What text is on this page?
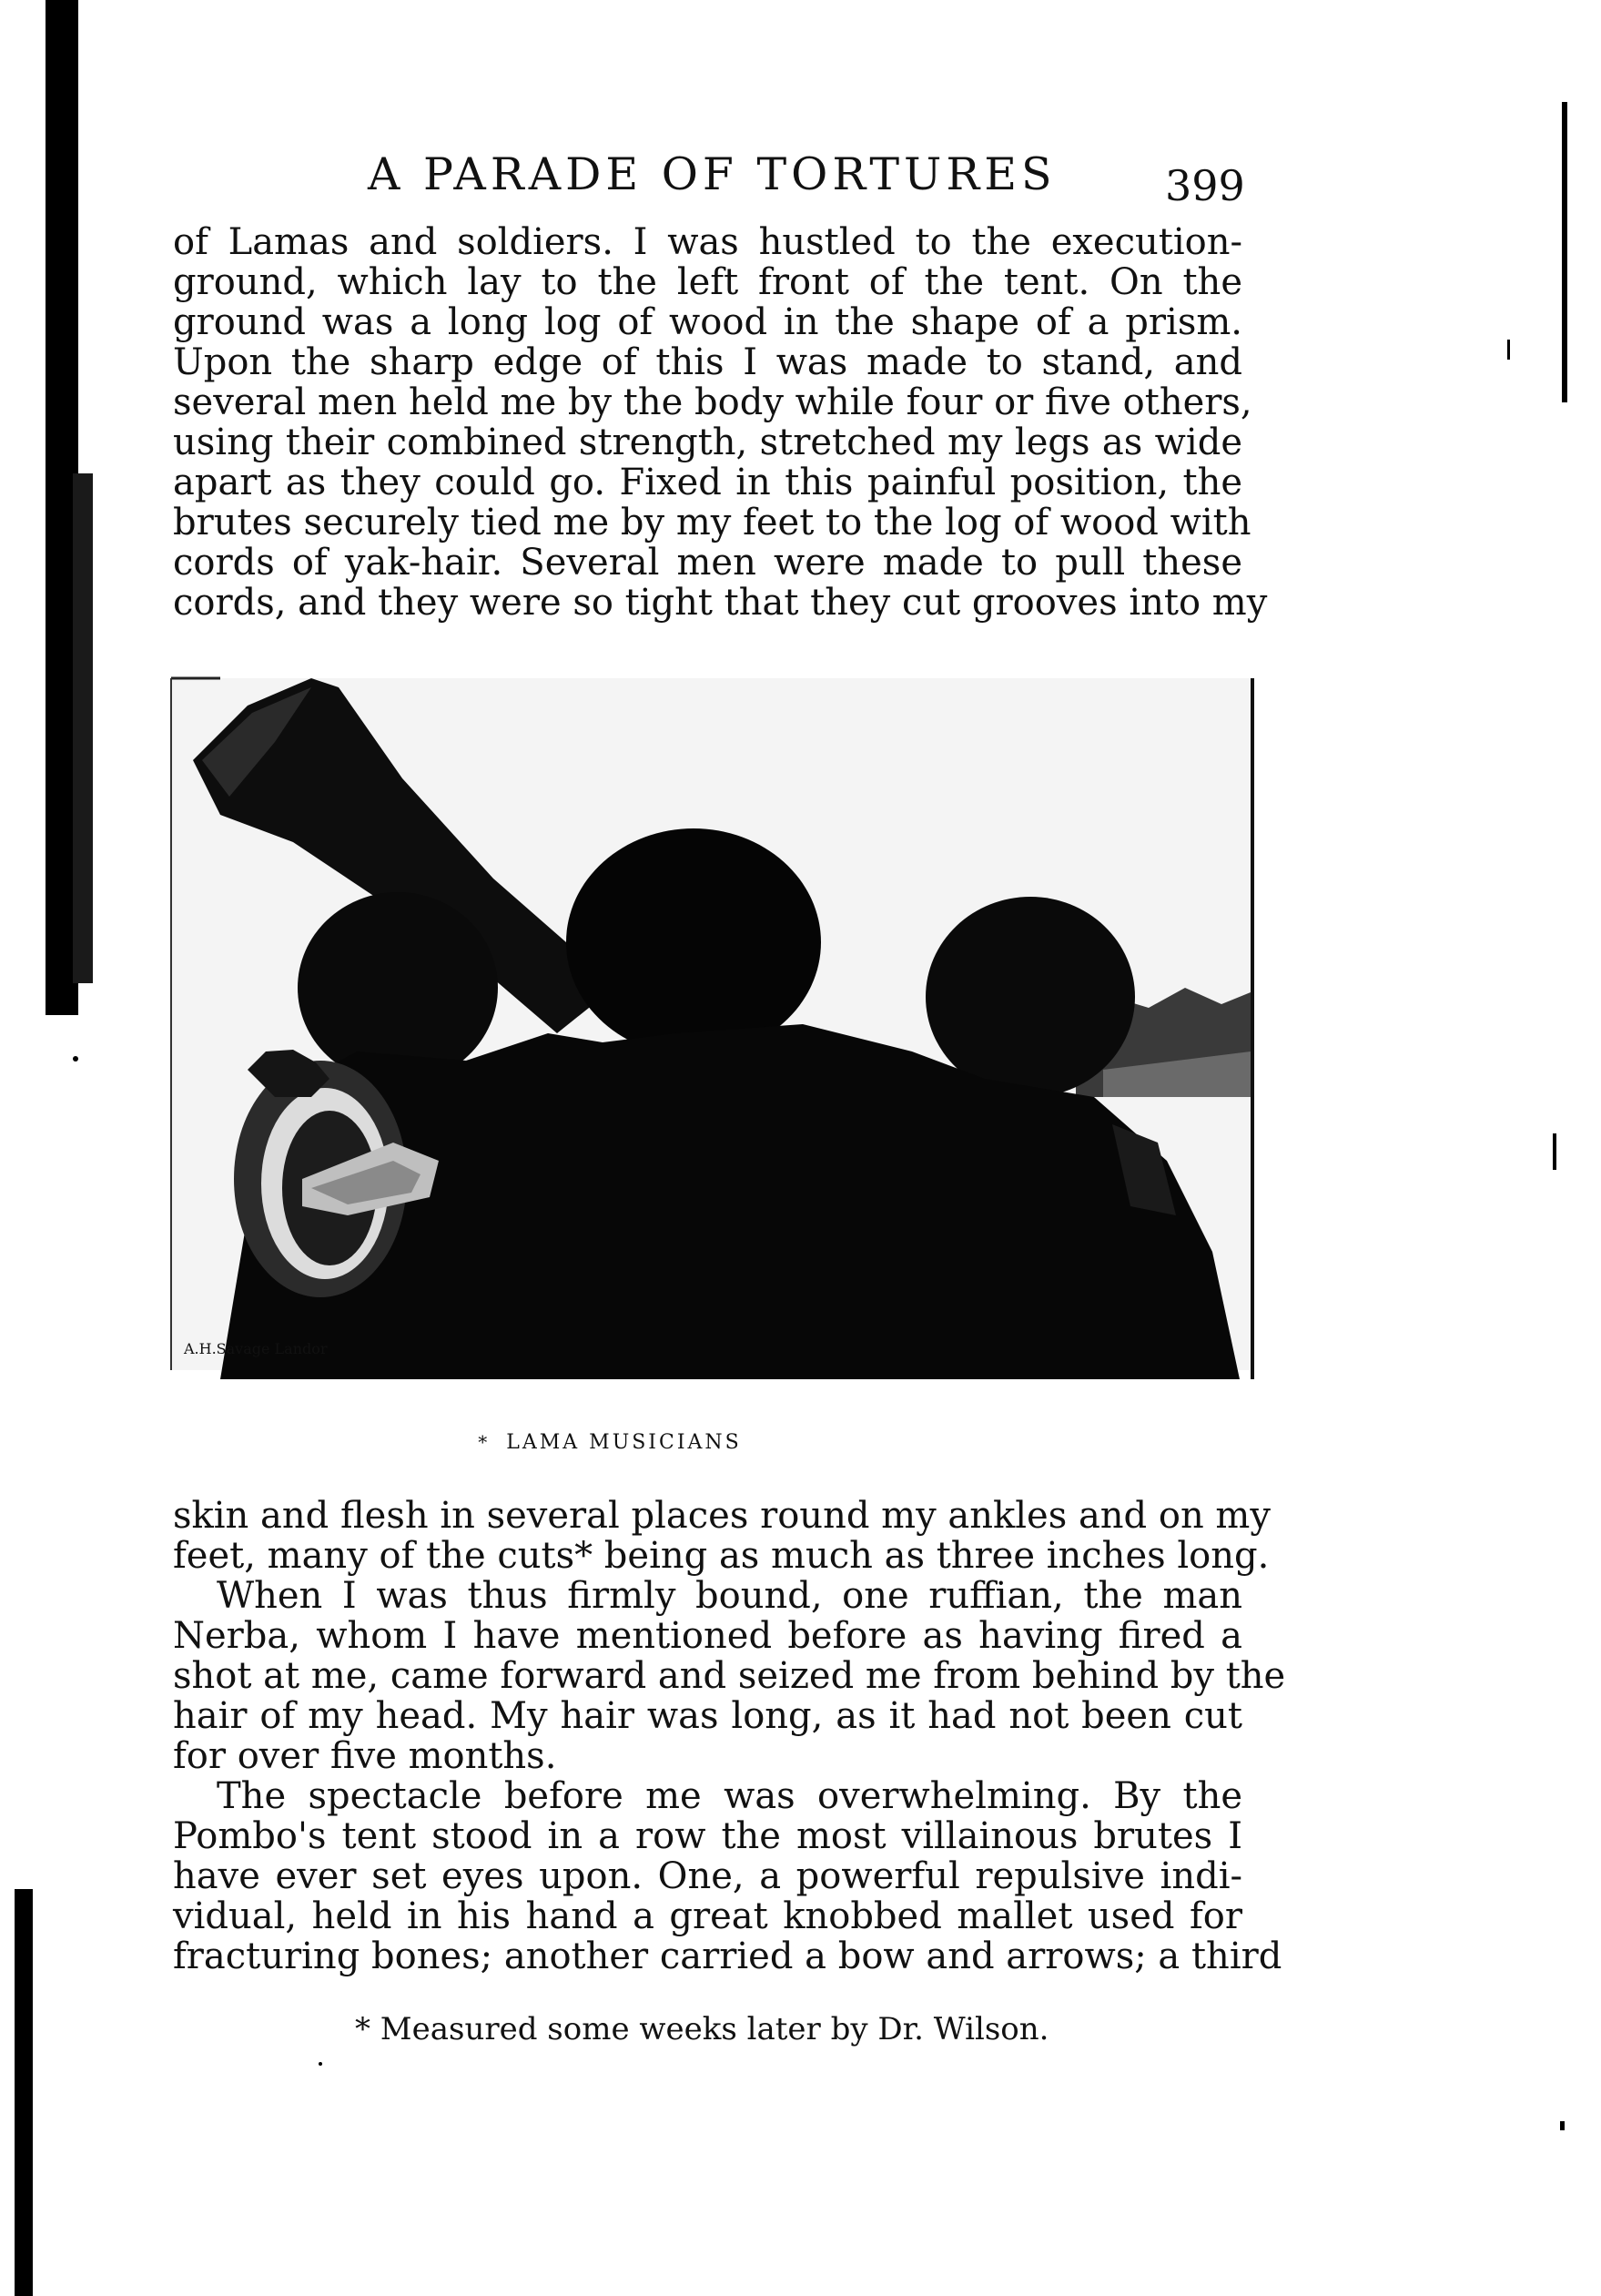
A PARADE OF TORTURES	399
of Lamas and soldiers. I was hustled to the execution-
ground, which lay to the left front of the tent. On the
ground was a long log of wood in the shape of a prism.
Upon the sharp edge of this I was made to stand, and
several men held me by the body while four or five others,
using their combined strength, stretched my legs as wide
apart as they could go. Fixed in this painful position, the
brutes securely tied me by my feet to the log of wood with
cords of yak-hair. Several men were made to pull these
cords, and they were so tight that they cut grooves into my
A.H.Savage Landor
* LAMA MUSICIANS
skin and flesh in several places round my ankles and on my
feet, many of the cuts* being as much as three inches long.
When I was thus firmly bound, one ruffian, the man
Nerba, whom I have mentioned before as having fired a
shot at me, came forward and seized me from behind by the
hair of my head. My hair was long, as it had not been cut
for over five months.
The spectacle before me was overwhelming. By the
Pombo's tent stood in a row the most villainous brutes I
have ever set eyes upon. One, a powerful repulsive indi-
vidual, held in his hand a great knobbed mallet used for
fracturing bones; another carried a bow and arrows; a third
* Measured some weeks later by Dr. Wilson.
